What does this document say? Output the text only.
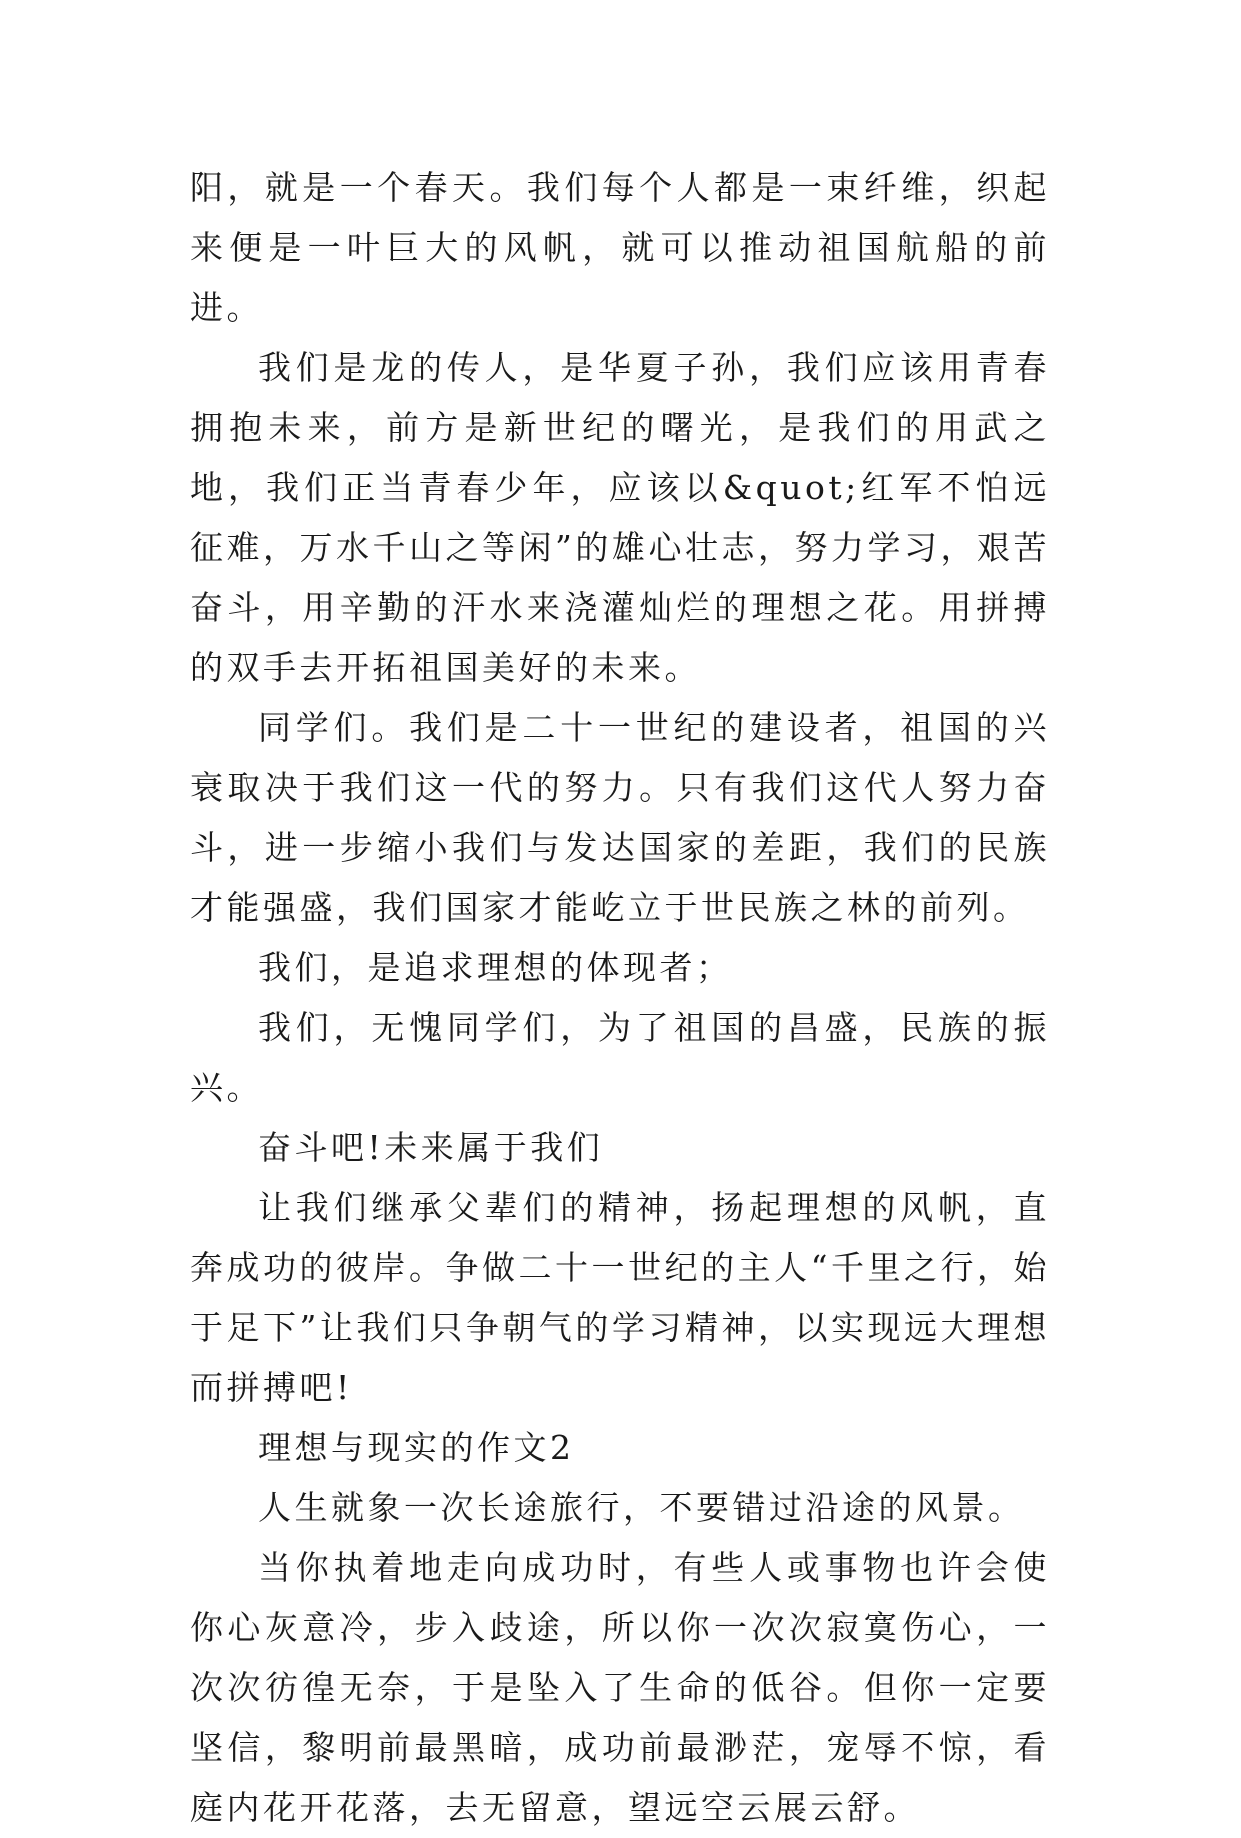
阳，就是一个春天。我们每个人都是一束纤维，织起来便是一叶巨大的风帆，就可以推动祖国航船的前进。

我们是龙的传人，是华夏子孙，我们应该用青春拥抱未来，前方是新世纪的曙光，是我们的用武之地，我们正当青春少年，应该以&quot;红军不怕远征难，万水千山之等闲”的雄心壮志，努力学习，艰苦奋斗，用辛勤的汗水来浇灌灿烂的理想之花。用拼搏的双手去开拓祖国美好的未来。

同学们。我们是二十一世纪的建设者，祖国的兴衰取决于我们这一代的努力。只有我们这代人努力奋斗，进一步缩小我们与发达国家的差距，我们的民族才能强盛，我们国家才能屹立于世民族之林的前列。

我们，是追求理想的体现者；

我们，无愧同学们，为了祖国的昌盛，民族的振兴。

奋斗吧!未来属于我们

让我们继承父辈们的精神，扬起理想的风帆，直奔成功的彼岸。争做二十一世纪的主人“千里之行，始于足下”让我们只争朝气的学习精神，以实现远大理想而拼搏吧!

理想与现实的作文2

人生就象一次长途旅行，不要错过沿途的风景。

当你执着地走向成功时，有些人或事物也许会使你心灰意冷，步入歧途，所以你一次次寂寞伤心，一次次彷徨无奈，于是坠入了生命的低谷。但你一定要坚信，黎明前最黑暗，成功前最渺茫，宠辱不惊，看庭内花开花落，去无留意，望远空云展云舒。
